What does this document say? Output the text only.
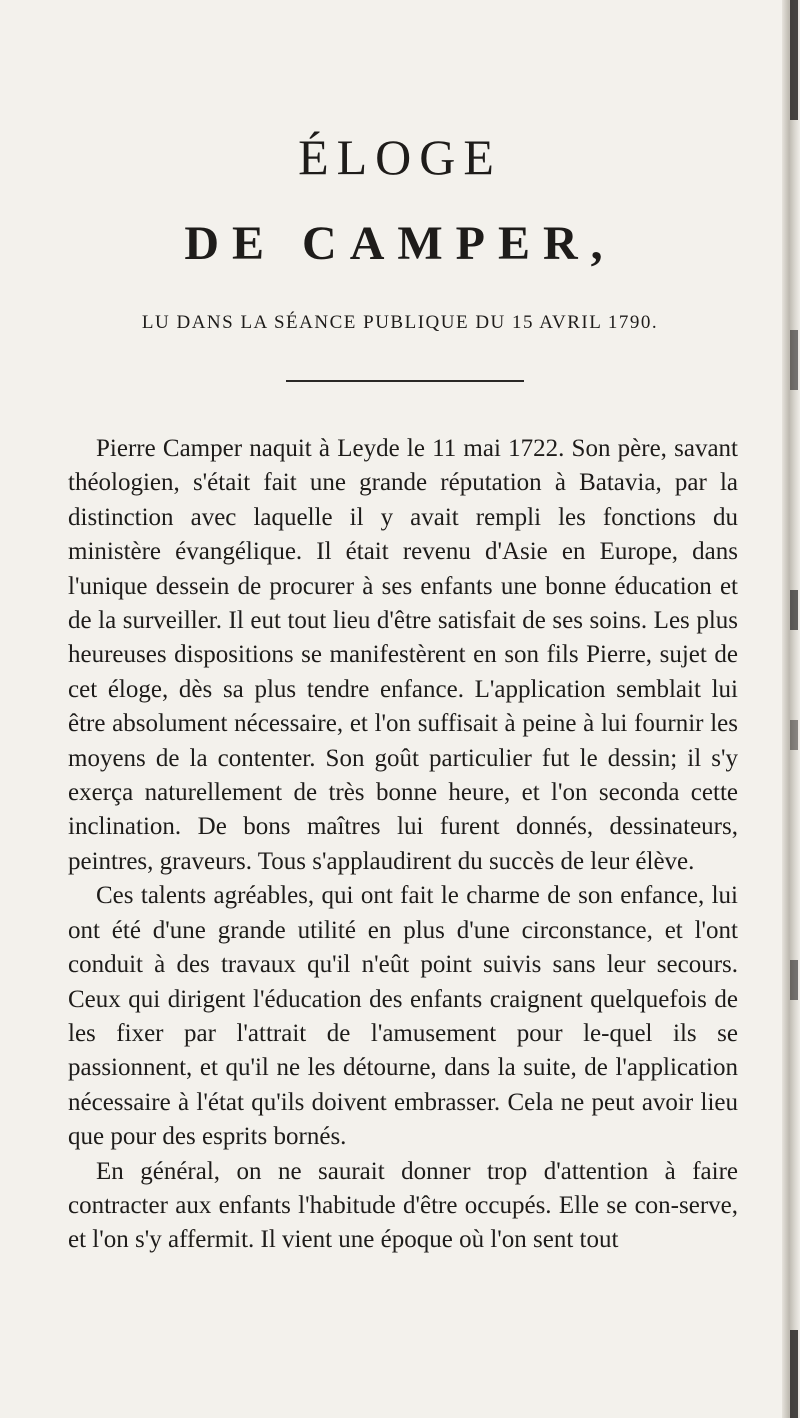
ÉLOGE
DE CAMPER,
LU DANS LA SÉANCE PUBLIQUE DU 15 AVRIL 1790.

Pierre Camper naquit à Leyde le 11 mai 1722. Son père, savant théologien, s'était fait une grande réputation à Batavia, par la distinction avec laquelle il y avait rempli les fonctions du ministère évangélique. Il était revenu d'Asie en Europe, dans l'unique dessein de procurer à ses enfants une bonne éducation et de la surveiller. Il eut tout lieu d'être satisfait de ses soins. Les plus heureuses dispositions se manifestèrent en son fils Pierre, sujet de cet éloge, dès sa plus tendre enfance. L'application semblait lui être absolument nécessaire, et l'on suffisait à peine à lui fournir les moyens de la contenter. Son goût particulier fut le dessin; il s'y exerça naturellement de très bonne heure, et l'on seconda cette inclination. De bons maîtres lui furent donnés, dessinateurs, peintres, graveurs. Tous s'applaudirent du succès de leur élève.

Ces talents agréables, qui ont fait le charme de son enfance, lui ont été d'une grande utilité en plus d'une circonstance, et l'ont conduit à des travaux qu'il n'eût point suivis sans leur secours. Ceux qui dirigent l'éducation des enfants craignent quelquefois de les fixer par l'attrait de l'amusement pour le-quel ils se passionnent, et qu'il ne les détourne, dans la suite, de l'application nécessaire à l'état qu'ils doivent embrasser. Cela ne peut avoir lieu que pour des esprits bornés.

En général, on ne saurait donner trop d'attention à faire contracter aux enfants l'habitude d'être occupés. Elle se con-serve, et l'on s'y affermit. Il vient une époque où l'on sent tout
